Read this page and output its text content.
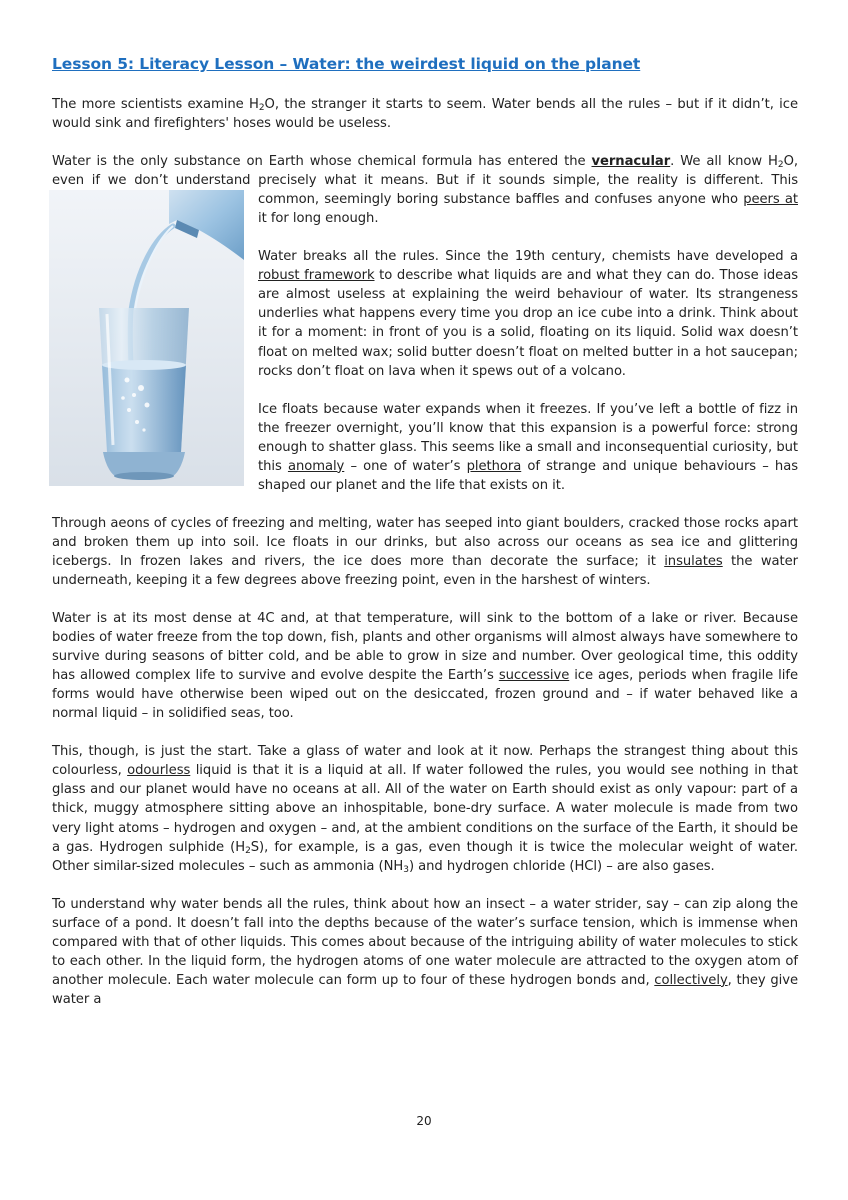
Lesson 5: Literacy Lesson – Water: the weirdest liquid on the planet

The more scientists examine $H_2O$, the stranger it starts to seem. Water bends all the rules – but if it didn’t, ice would sink and firefighters' hoses would be useless.

Water is the only substance on Earth whose chemical formula has entered the vernacular. We all know $H_2O$, even if we don’t understand precisely what it means. But if it sounds simple, the reality is
different. This common, seemingly boring substance baffles and confuses anyone who peers at it for long enough.

Water breaks all the rules. Since the 19th century, chemists have developed a robust framework to describe what liquids are and what they can do. Those ideas are almost useless at explaining the weird behaviour of water. Its strangeness underlies what happens every time you drop an ice cube into a drink. Think about it for a moment: in front of you is a solid, floating on its liquid. Solid wax doesn’t float on melted wax; solid butter doesn’t float on melted butter in a hot saucepan; rocks don’t float on lava when it spews out of a volcano.

Ice floats because water expands when it freezes. If you’ve left a bottle of fizz in the freezer overnight, you’ll know that this expansion is a powerful force: strong enough to shatter glass. This seems like a small and inconsequential curiosity, but this anomaly – one of water’s plethora of strange and unique behaviours – has shaped our planet and the life that exists on it.

Through aeons of cycles of freezing and melting, water has seeped into giant boulders, cracked those rocks apart and broken them up into soil. Ice floats in our drinks, but also across our oceans as sea ice and glittering icebergs. In frozen lakes and rivers, the ice does more than decorate the surface; it insulates the water underneath, keeping it a few degrees above freezing point, even in the harshest of winters.

Water is at its most dense at 4C and, at that temperature, will sink to the bottom of a lake or river. Because bodies of water freeze from the top down, fish, plants and other organisms will almost always have somewhere to survive during seasons of bitter cold, and be able to grow in size and number. Over geological time, this oddity has allowed complex life to survive and evolve despite the Earth’s successive ice ages, periods when fragile life forms would have otherwise been wiped out on the desiccated, frozen ground and – if water behaved like a normal liquid – in solidified seas, too.

This, though, is just the start. Take a glass of water and look at it now. Perhaps the strangest thing about this colourless, odourless liquid is that it is a liquid at all. If water followed the rules, you would see nothing in that glass and our planet would have no oceans at all. All of the water on Earth should exist as only vapour: part of a thick, muggy atmosphere sitting above an inhospitable, bone-dry surface. A water molecule is made from two very light atoms – hydrogen and oxygen – and, at the ambient conditions on the surface of the Earth, it should be a gas. Hydrogen sulphide $(H_2S)$, for example, is a gas, even though it is twice the molecular weight of water. Other similar-sized molecules – such as ammonia $(NH_3)$ and hydrogen chloride (HCl) – are also gases.

To understand why water bends all the rules, think about how an insect – a water strider, say – can zip along the surface of a pond. It doesn’t fall into the depths because of the water’s surface tension, which is immense when compared with that of other liquids. This comes about because of the intriguing ability of water molecules to stick to each other. In the liquid form, the hydrogen atoms of one water molecule are attracted to the oxygen atom of another molecule. Each water molecule can form up to four of these hydrogen bonds and, collectively, they give water a

20
